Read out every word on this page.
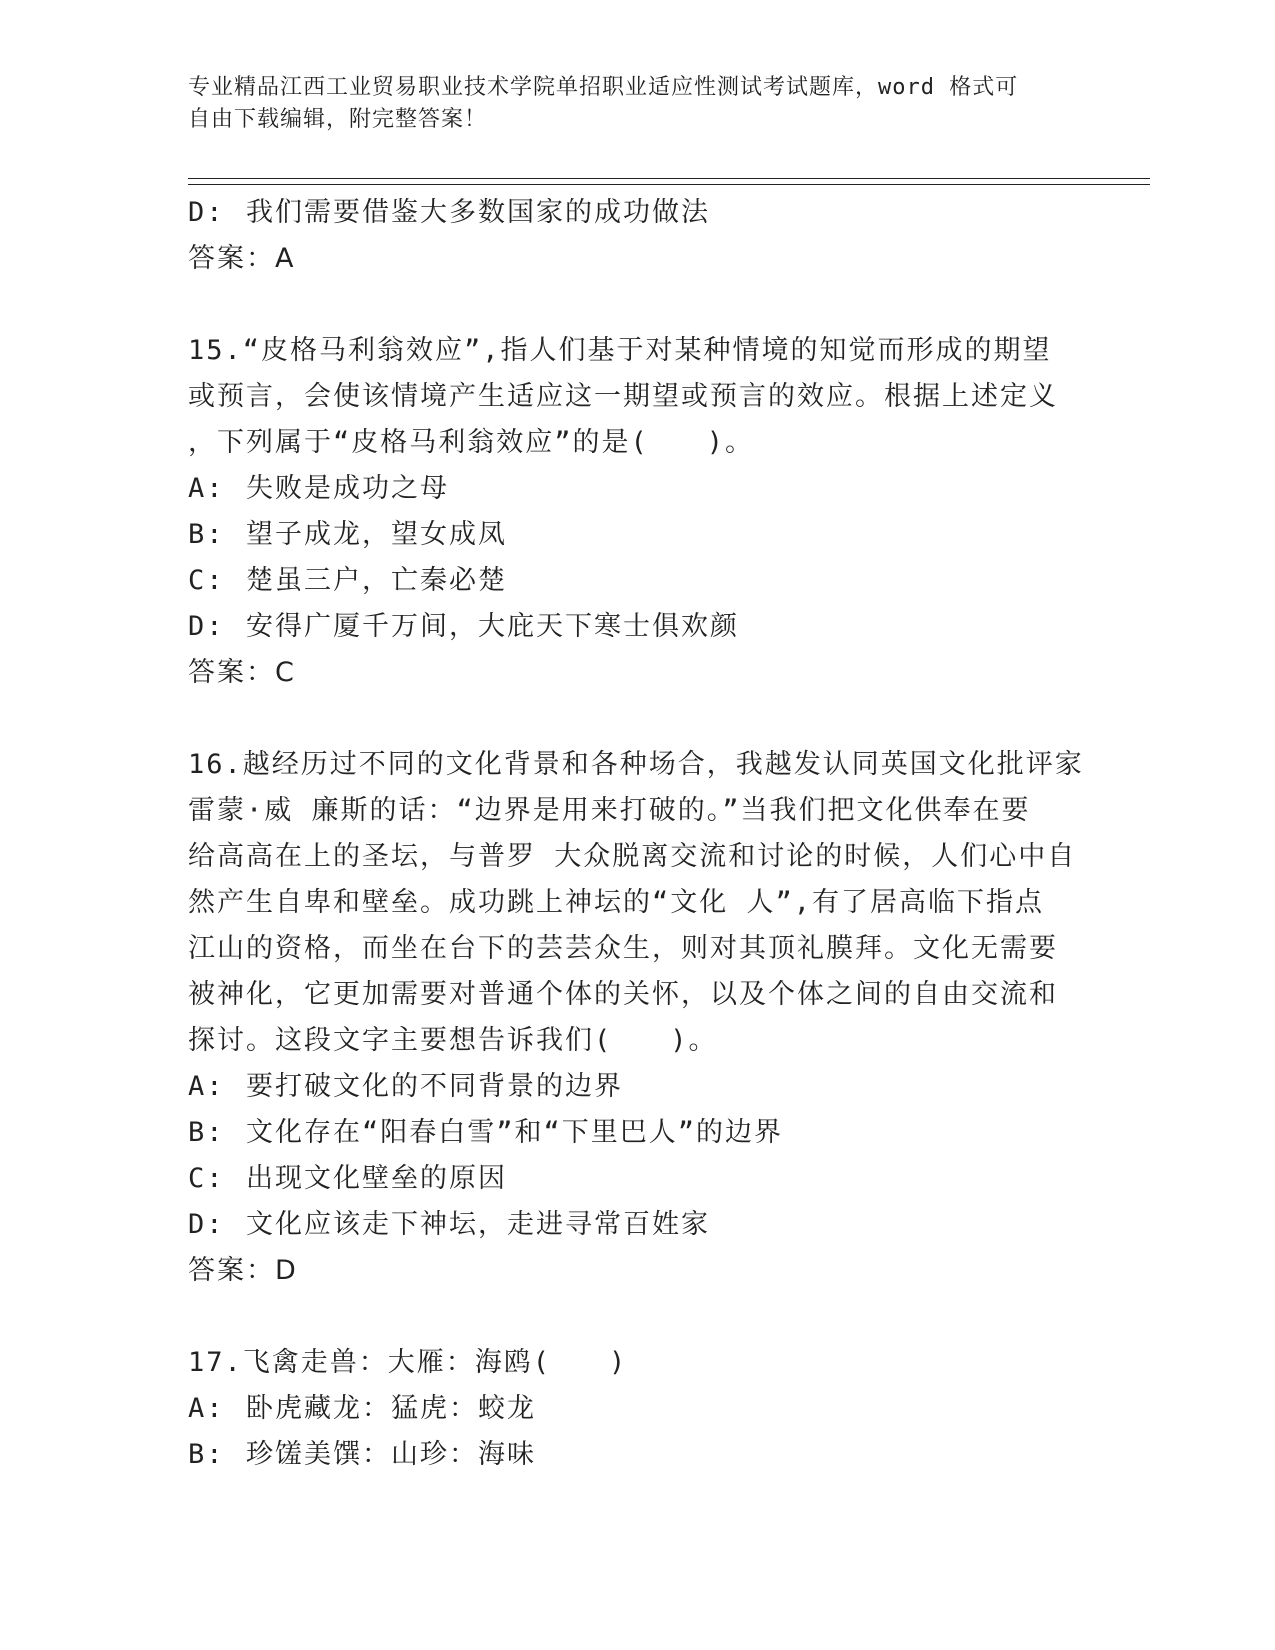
专业精品江西工业贸易职业技术学院单招职业适应性测试考试题库，word 格式可
自由下载编辑，附完整答案！
D: 我们需要借鉴大多数国家的成功做法
答案：A
15.“皮格马利翁效应”,指人们基于对某种情境的知觉而形成的期望
或预言，会使该情境产生适应这一期望或预言的效应。根据上述定义
，下列属于“皮格马利翁效应”的是(　　)。
A: 失败是成功之母
B: 望子成龙，望女成凤
C: 楚虽三户，亡秦必楚
D: 安得广厦千万间，大庇天下寒士俱欢颜
答案：C
16.越经历过不同的文化背景和各种场合，我越发认同英国文化批评家
雷蒙·威 廉斯的话：“边界是用来打破的。”当我们把文化供奉在要
给高高在上的圣坛，与普罗 大众脱离交流和讨论的时候，人们心中自
然产生自卑和壁垒。成功跳上神坛的“文化 人”,有了居高临下指点
江山的资格，而坐在台下的芸芸众生，则对其顶礼膜拜。文化无需要
被神化，它更加需要对普通个体的关怀，以及个体之间的自由交流和
探讨。这段文字主要想告诉我们(　　)。
A: 要打破文化的不同背景的边界
B: 文化存在“阳春白雪”和“下里巴人”的边界
C: 出现文化壁垒的原因
D: 文化应该走下神坛，走进寻常百姓家
答案：D
17.飞禽走兽：大雁：海鸥(　　)
A: 卧虎藏龙：猛虎：蛟龙
B: 珍馐美馔：山珍：海味
